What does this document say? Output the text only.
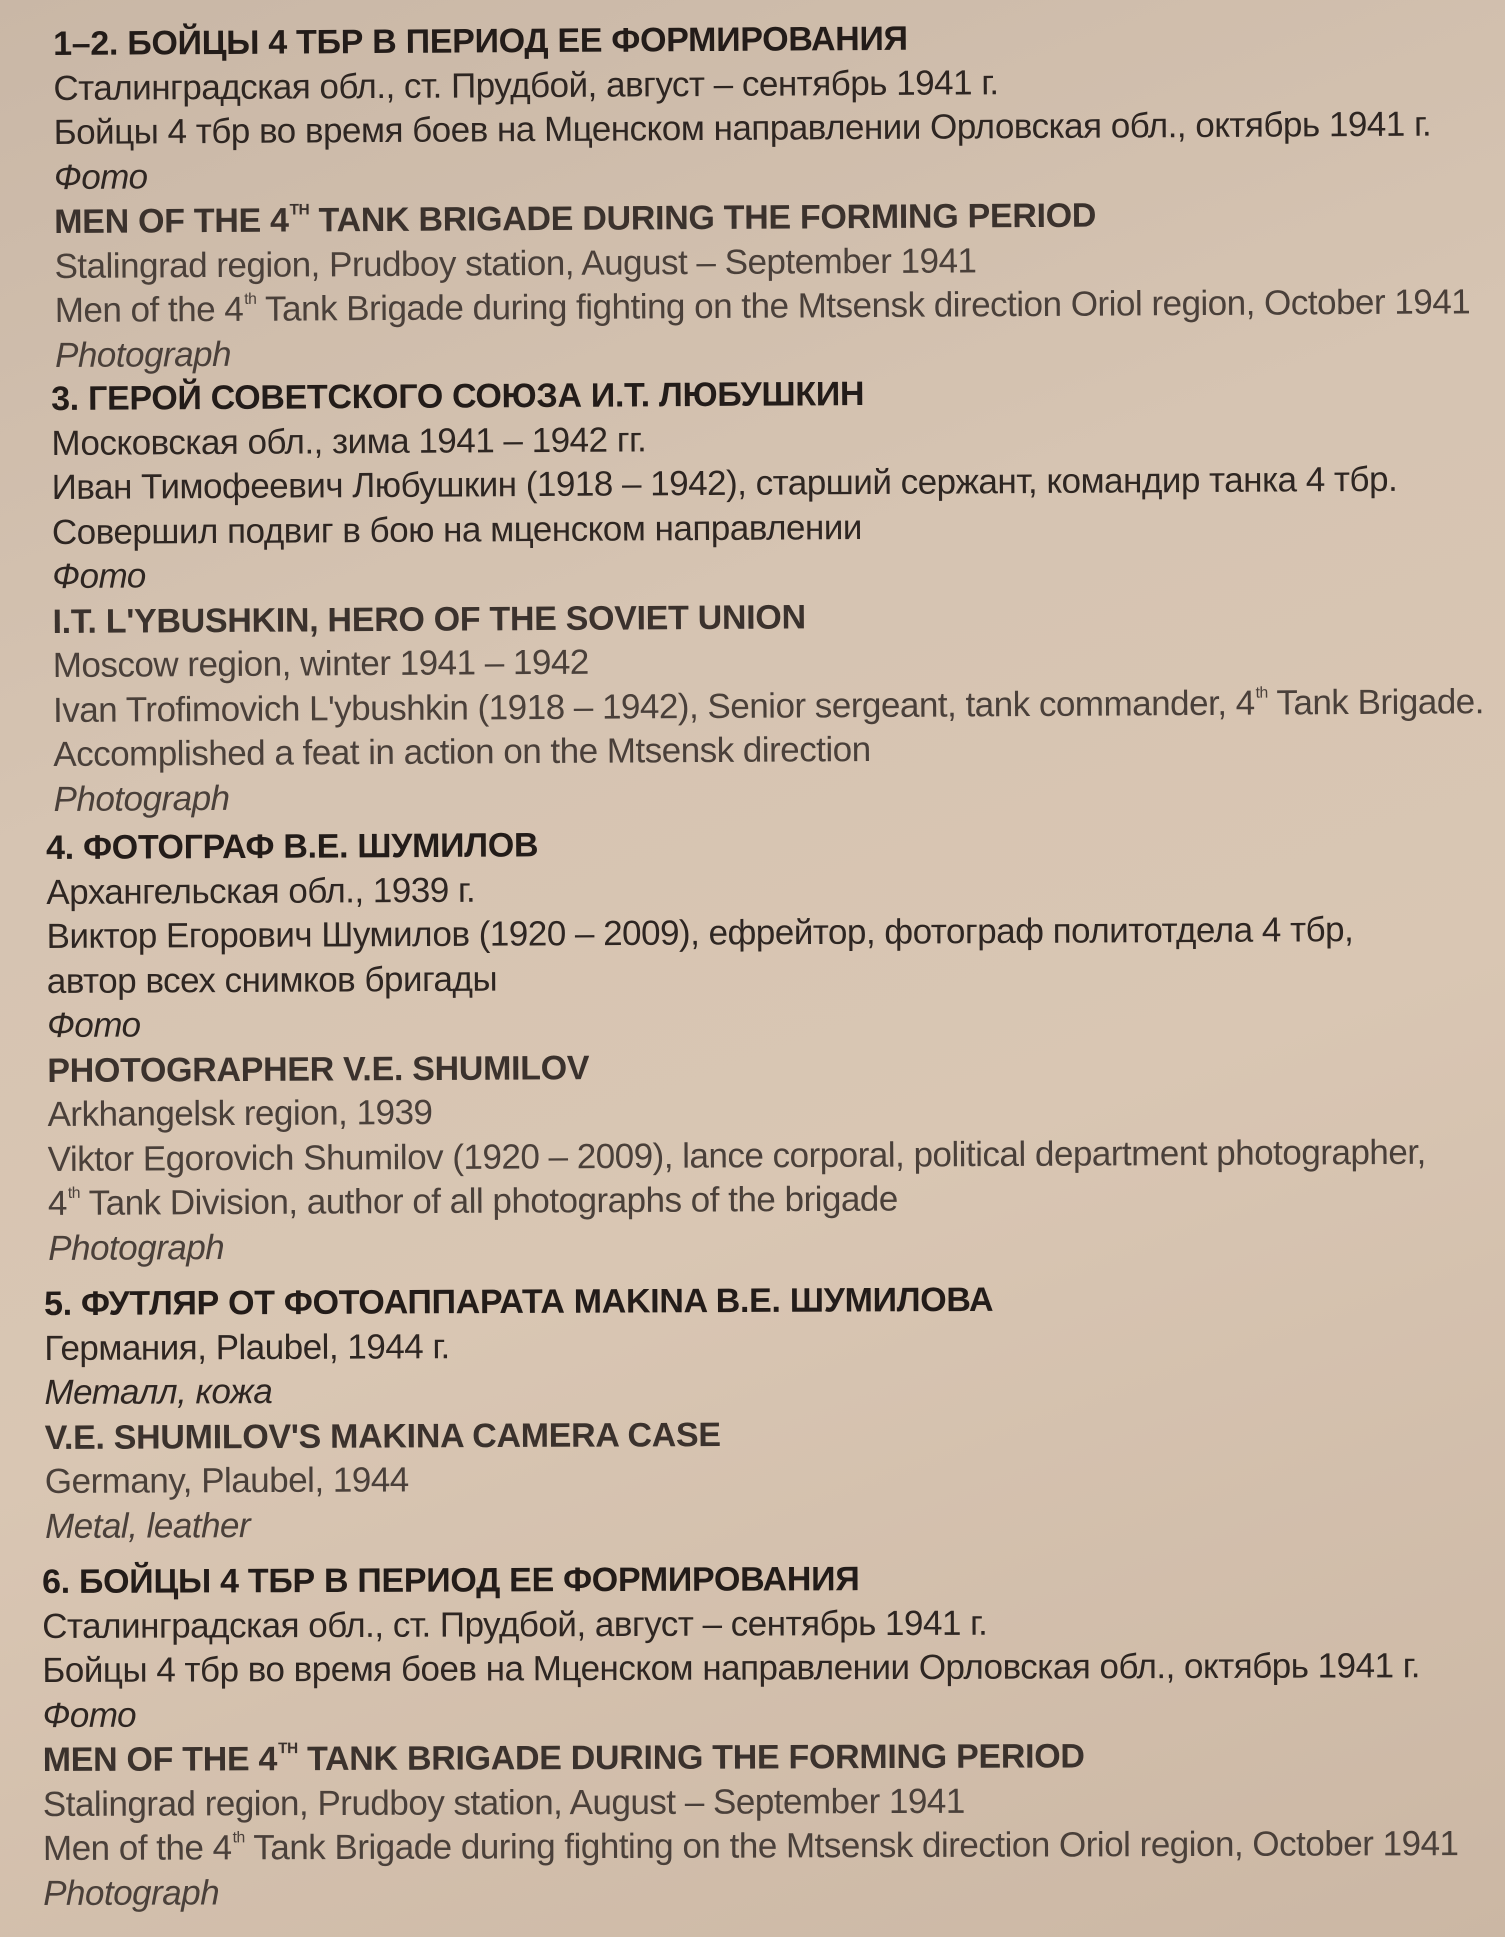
1–2. БОЙЦЫ 4 ТБР В ПЕРИОД ЕЕ ФОРМИРОВАНИЯ
Сталинградская обл., ст. Прудбой, август – сентябрь 1941 г.
Бойцы 4 тбр во время боев на Мценском направлении Орловская обл., октябрь 1941 г.
Фото
MEN OF THE 4TH TANK BRIGADE DURING THE FORMING PERIOD
Stalingrad region, Prudboy station, August – September 1941
Men of the 4th Tank Brigade during fighting on the Mtsensk direction Oriol region, October 1941
Photograph
3. ГЕРОЙ СОВЕТСКОГО СОЮЗА И.Т. ЛЮБУШКИН
Московская обл., зима 1941 – 1942 гг.
Иван Тимофеевич Любушкин (1918 – 1942), старший сержант, командир танка 4 тбр.
Совершил подвиг в бою на мценском направлении
Фото
I.T. L'YBUSHKIN, HERO OF THE SOVIET UNION
Moscow region, winter 1941 – 1942
Ivan Trofimovich L'ybushkin (1918 – 1942), Senior sergeant, tank commander, 4th Tank Brigade.
Accomplished a feat in action on the Mtsensk direction
Photograph
4. ФОТОГРАФ В.Е. ШУМИЛОВ
Архангельская обл., 1939 г.
Виктор Егорович Шумилов (1920 – 2009), ефрейтор, фотограф политотдела 4 тбр,
автор всех снимков бригады
Фото
PHOTOGRAPHER V.E. SHUMILOV
Arkhangelsk region, 1939
Viktor Egorovich Shumilov (1920 – 2009), lance corporal, political department photographer,
4th Tank Division, author of all photographs of the brigade
Photograph
5. ФУТЛЯР ОТ ФОТОАППАРАТА MAKINA В.Е. ШУМИЛОВА
Германия, Plaubel, 1944 г.
Металл, кожа
V.E. SHUMILOV'S MAKINA CAMERA CASE
Germany, Plaubel, 1944
Metal, leather
6. БОЙЦЫ 4 ТБР В ПЕРИОД ЕЕ ФОРМИРОВАНИЯ
Сталинградская обл., ст. Прудбой, август – сентябрь 1941 г.
Бойцы 4 тбр во время боев на Мценском направлении Орловская обл., октябрь 1941 г.
Фото
MEN OF THE 4TH TANK BRIGADE DURING THE FORMING PERIOD
Stalingrad region, Prudboy station, August – September 1941
Men of the 4th Tank Brigade during fighting on the Mtsensk direction Oriol region, October 1941
Photograph
